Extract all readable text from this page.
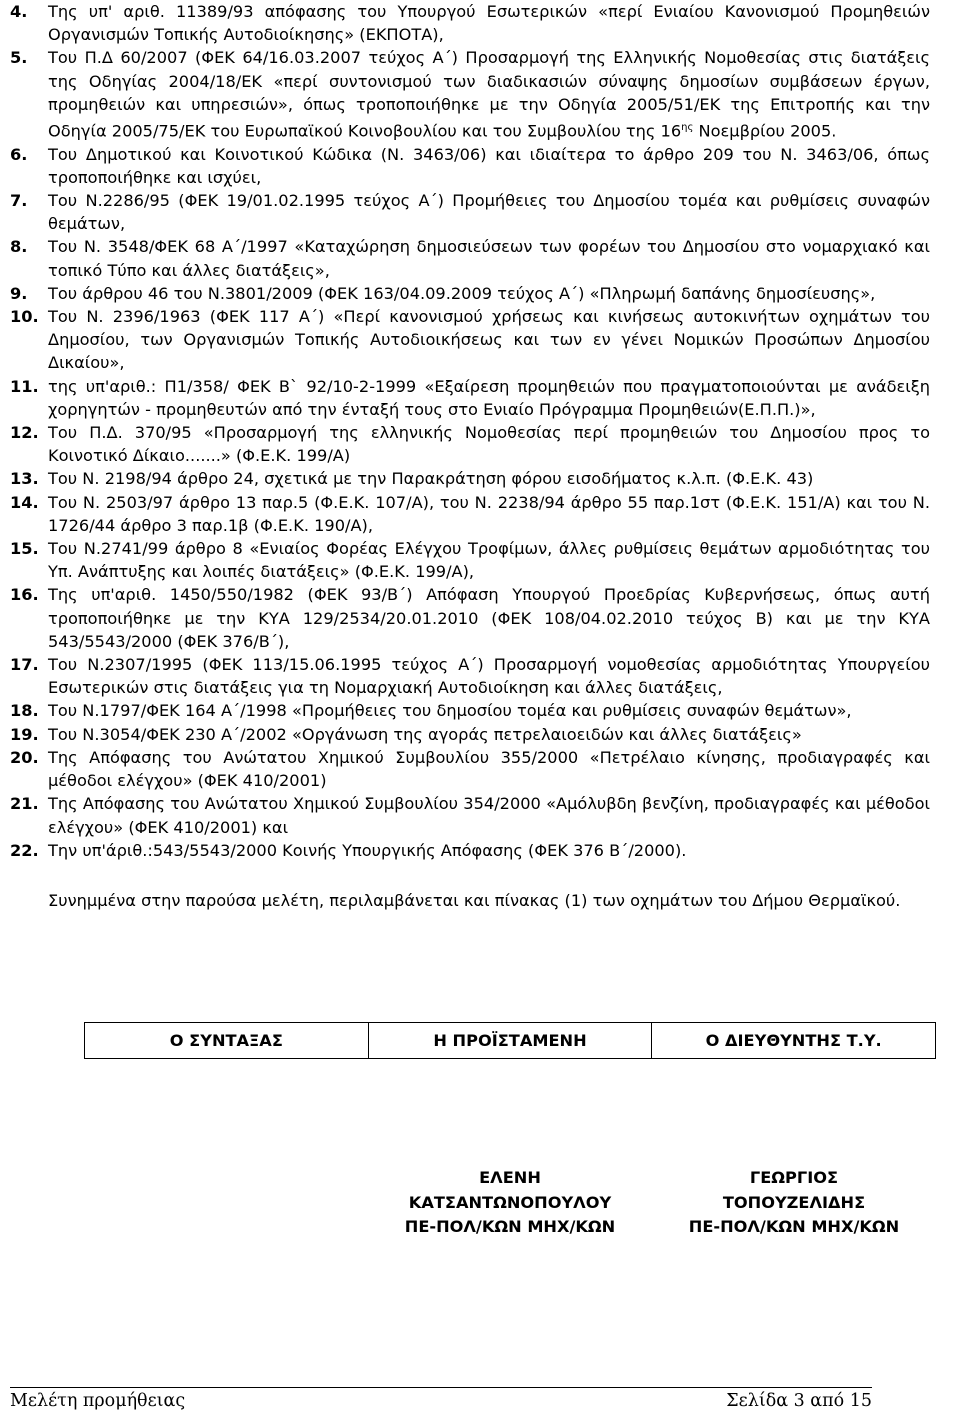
4.	Της υπ' αριθ. 11389/93 απόφασης του Υπουργού Εσωτερικών «περί Ενιαίου Κανονισμού Προμηθειών Οργανισμών Τοπικής Αυτοδιοίκησης» (ΕΚΠΟΤΑ),
5.	Του Π.Δ 60/2007 (ΦΕΚ 64/16.03.2007 τεύχος Α΄) Προσαρμογή της Ελληνικής Νομοθεσίας στις διατάξεις της Οδηγίας 2004/18/ΕΚ «περί συντονισμού των διαδικασιών σύναψης δημοσίων συμβάσεων έργων, προμηθειών και υπηρεσιών», όπως τροποποιήθηκε με την Οδηγία 2005/51/ΕΚ της Επιτροπής και την Οδηγία 2005/75/ΕΚ του Ευρωπαϊκού Κοινοβουλίου και του Συμβουλίου της $16^{\eta\varsigma}$ Νοεμβρίου 2005.
6.	Του Δημοτικού και Κοινοτικού Κώδικα (Ν. 3463/06) και ιδιαίτερα το άρθρο 209 του Ν. 3463/06, όπως τροποποιήθηκε και ισχύει,
7.	Του Ν.2286/95 (ΦΕΚ 19/01.02.1995 τεύχος Α΄) Προμήθειες του Δημοσίου τομέα και ρυθμίσεις συναφών θεμάτων,
8.	Του Ν. 3548/ΦΕΚ 68 Α΄/1997 «Καταχώρηση δημοσιεύσεων των φορέων του Δημοσίου στο νομαρχιακό και τοπικό Τύπο και άλλες διατάξεις»,
9.	Του άρθρου 46 του Ν.3801/2009 (ΦΕΚ 163/04.09.2009 τεύχος Α΄) «Πληρωμή δαπάνης δημοσίευσης»,
10. Του Ν. 2396/1963 (ΦΕΚ 117 Α΄) «Περί κανονισμού χρήσεως και κινήσεως αυτοκινήτων οχημάτων του Δημοσίου, των Οργανισμών Τοπικής Αυτοδιοικήσεως και των εν γένει Νομικών Προσώπων Δημοσίου Δικαίου»,
11. της υπ'αριθ.: Π1/358/ ΦΕΚ Β` 92/10-2-1999 «Εξαίρεση προμηθειών που πραγματοποιούνται με ανάδειξη χορηγητών - προμηθευτών από την ένταξή τους στο Ενιαίο Πρόγραμμα Προμηθειών(Ε.Π.Π.)»,
12. Του Π.Δ. 370/95 «Προσαρμογή της ελληνικής Νομοθεσίας περί προμηθειών του Δημοσίου προς το Κοινοτικό Δίκαιο.......» (Φ.Ε.Κ. 199/Α)
13. Του Ν. 2198/94 άρθρο 24, σχετικά με την Παρακράτηση φόρου εισοδήματος κ.λ.π. (Φ.Ε.Κ. 43)
14. Του Ν. 2503/97 άρθρο 13 παρ.5 (Φ.Ε.Κ. 107/Α), του Ν. 2238/94 άρθρο 55 παρ.1στ (Φ.Ε.Κ. 151/Α) και του Ν. 1726/44 άρθρο 3 παρ.1β (Φ.Ε.Κ. 190/Α),
15. Του Ν.2741/99 άρθρο 8 «Ενιαίος Φορέας Ελέγχου Τροφίμων, άλλες ρυθμίσεις θεμάτων αρμοδιότητας του Υπ. Ανάπτυξης και λοιπές διατάξεις» (Φ.Ε.Κ. 199/Α),
16. Της υπ'αριθ. 1450/550/1982 (ΦΕΚ 93/Β΄) Απόφαση Υπουργού Προεδρίας Κυβερνήσεως, όπως αυτή τροποποιήθηκε με την ΚΥΑ 129/2534/20.01.2010 (ΦΕΚ 108/04.02.2010 τεύχος Β) και με την ΚΥΑ 543/5543/2000 (ΦΕΚ 376/Β΄),
17. Του Ν.2307/1995 (ΦΕΚ 113/15.06.1995 τεύχος Α΄) Προσαρμογή νομοθεσίας αρμοδιότητας Υπουργείου Εσωτερικών στις διατάξεις για τη Νομαρχιακή Αυτοδιοίκηση και άλλες διατάξεις,
18. Του Ν.1797/ΦΕΚ 164 Α΄/1998 «Προμήθειες του δημοσίου τομέα και ρυθμίσεις συναφών θεμάτων»,
19. Του Ν.3054/ΦΕΚ 230 Α΄/2002 «Οργάνωση της αγοράς πετρελαιοειδών και άλλες διατάξεις»
20. Της Απόφασης του Ανώτατου Χημικού Συμβουλίου 355/2000 «Πετρέλαιο κίνησης, προδιαγραφές και μέθοδοι ελέγχου» (ΦΕΚ 410/2001)
21. Της Απόφασης του Ανώτατου Χημικού Συμβουλίου 354/2000 «Αμόλυβδη βενζίνη, προδιαγραφές και μέθοδοι ελέγχου» (ΦΕΚ 410/2001) και
22. Την υπ'άριθ.:543/5543/2000 Κοινής Υπουργικής Απόφασης (ΦΕΚ 376 Β΄/2000).
Συνημμένα στην παρούσα μελέτη, περιλαμβάνεται και πίνακας (1) των οχημάτων του Δήμου Θερμαϊκού.
Ο ΣΥΝΤΑΞΑΣ	Η ΠΡΟΪΣΤΑΜΕΝΗ	Ο ΔΙΕΥΘΥΝΤΗΣ Τ.Υ.
ΕΛΕΝΗ
ΚΑΤΣΑΝΤΩΝΟΠΟΥΛΟΥ
ΠΕ-ΠΟΛ/ΚΩΝ ΜΗΧ/ΚΩΝ
ΓΕΩΡΓΙΟΣ
ΤΟΠΟΥΖΕΛΙΔΗΣ
ΠΕ-ΠΟΛ/ΚΩΝ ΜΗΧ/ΚΩΝ
Μελέτη προμήθειας	Σελίδα 3 από 15
